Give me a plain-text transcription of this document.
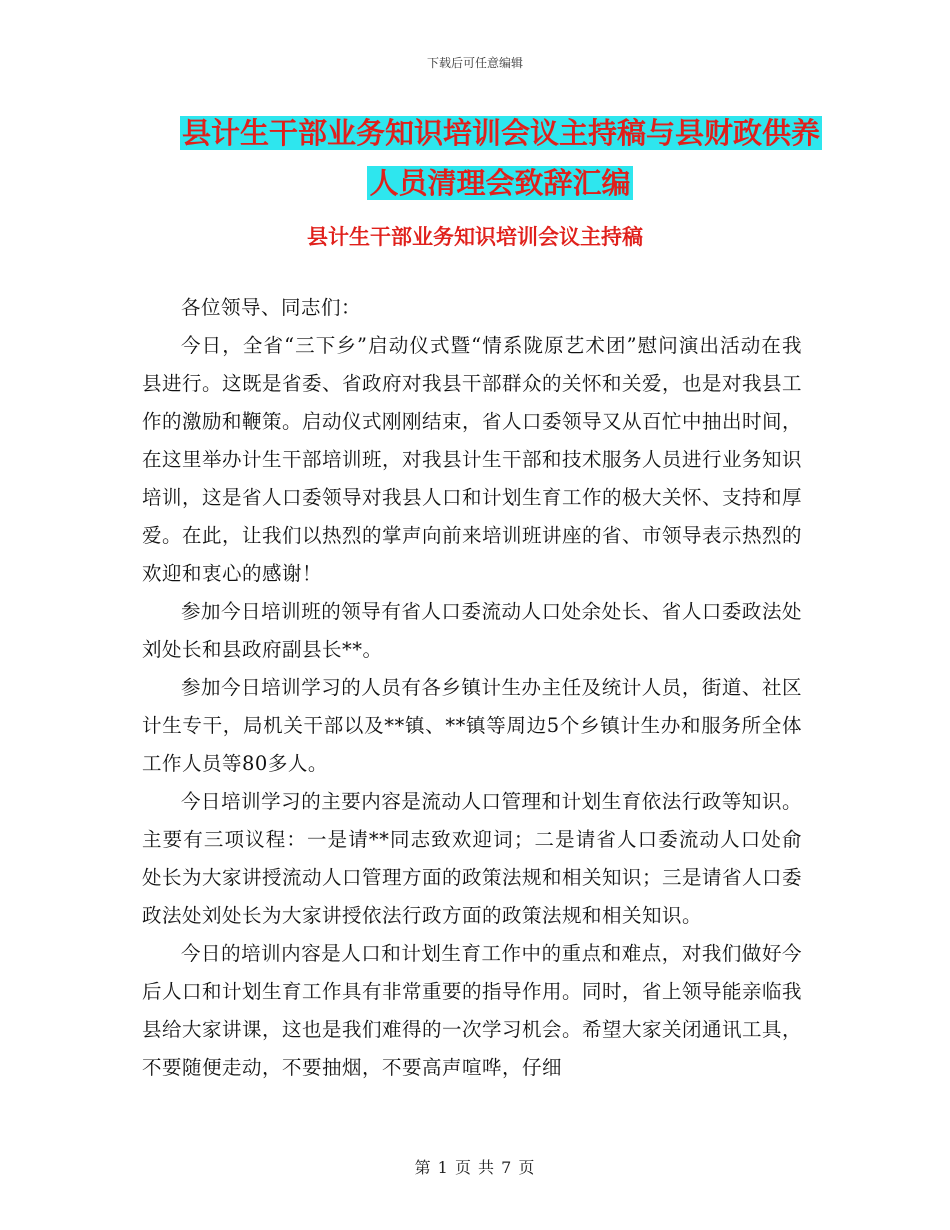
下载后可任意编辑
县计生干部业务知识培训会议主持稿与县财政供养人员清理会致辞汇编
县计生干部业务知识培训会议主持稿

各位领导、同志们：

今日，全省“三下乡”启动仪式暨“情系陇原艺术团”慰问演出活动在我县进行。这既是省委、省政府对我县干部群众的关怀和关爱，也是对我县工作的激励和鞭策。启动仪式刚刚结束，省人口委领导又从百忙中抽出时间，在这里举办计生干部培训班，对我县计生干部和技术服务人员进行业务知识培训，这是省人口委领导对我县人口和计划生育工作的极大关怀、支持和厚爱。在此，让我们以热烈的掌声向前来培训班讲座的省、市领导表示热烈的欢迎和衷心的感谢！

参加今日培训班的领导有省人口委流动人口处余处长、省人口委政法处刘处长和县政府副县长**。

参加今日培训学习的人员有各乡镇计生办主任及统计人员，街道、社区计生专干，局机关干部以及**镇、**镇等周边5个乡镇计生办和服务所全体工作人员等80多人。

今日培训学习的主要内容是流动人口管理和计划生育依法行政等知识。主要有三项议程：一是请**同志致欢迎词；二是请省人口委流动人口处俞处长为大家讲授流动人口管理方面的政策法规和相关知识；三是请省人口委政法处刘处长为大家讲授依法行政方面的政策法规和相关知识。

今日的培训内容是人口和计划生育工作中的重点和难点，对我们做好今后人口和计划生育工作具有非常重要的指导作用。同时，省上领导能亲临我县给大家讲课，这也是我们难得的一次学习机会。希望大家关闭通讯工具，不要随便走动，不要抽烟，不要高声喧哗，仔细

第 1 页 共 7 页
